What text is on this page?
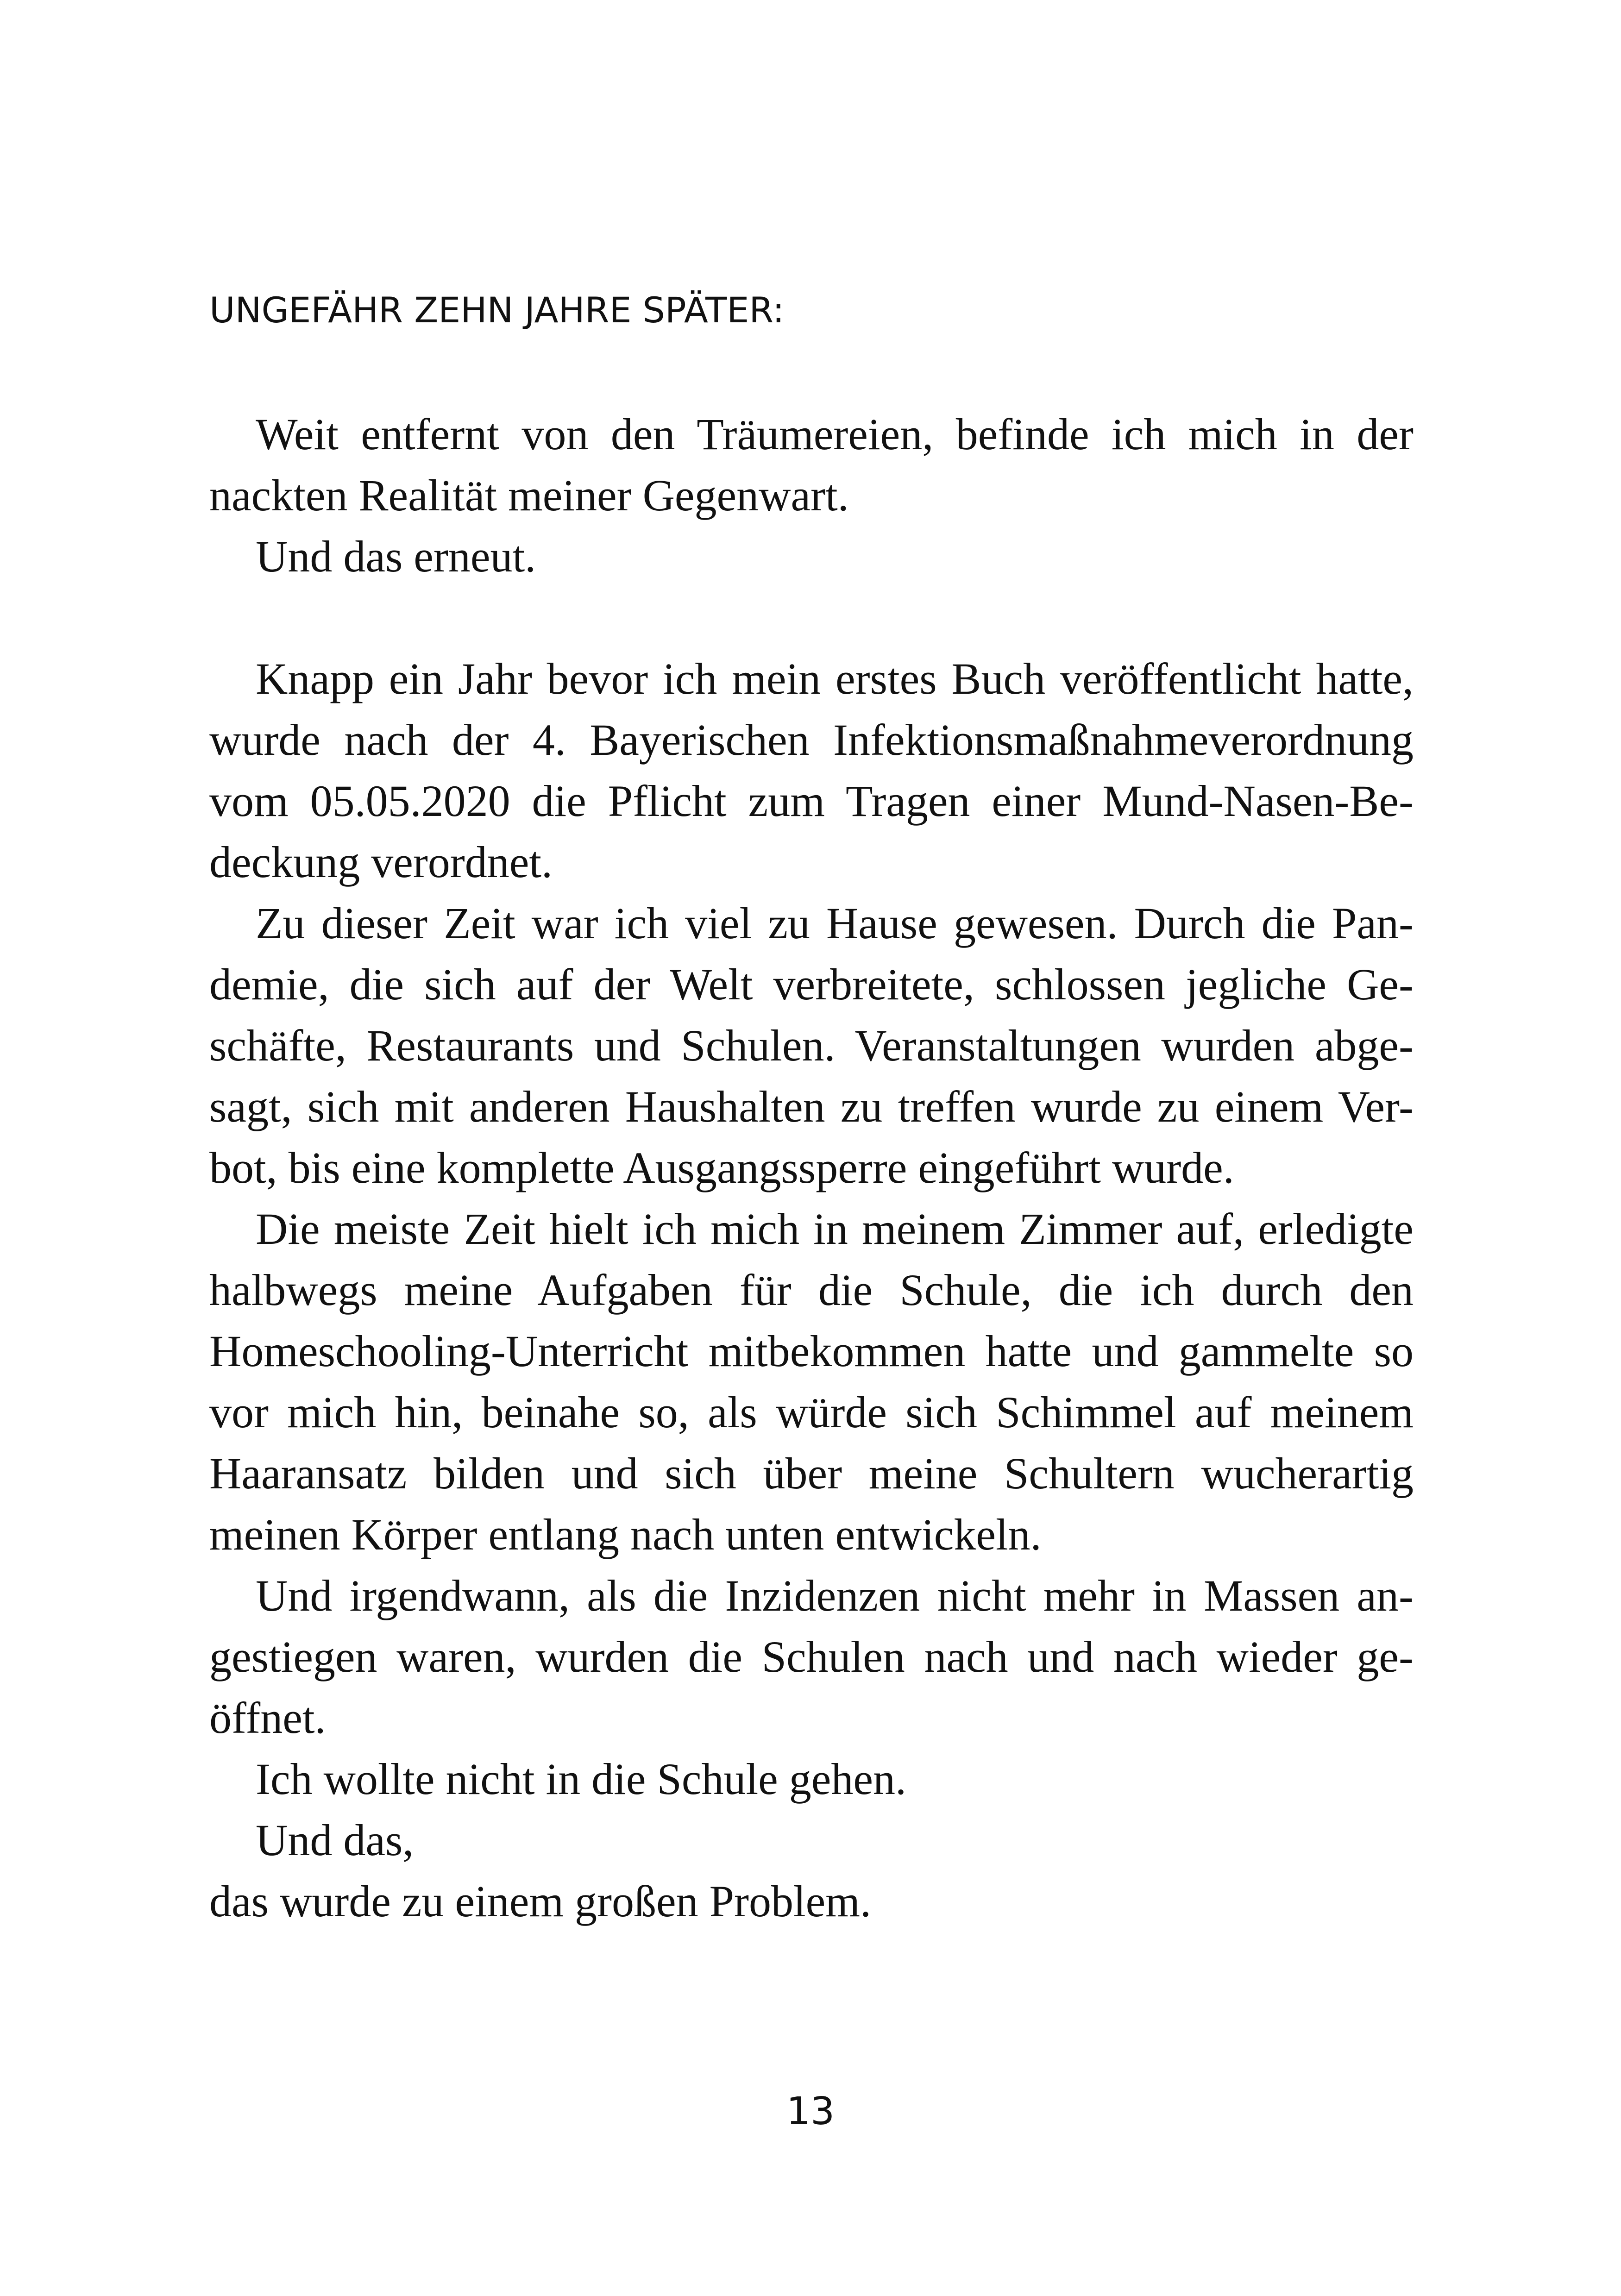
UNGEFÄHR ZEHN JAHRE SPÄTER:
Weit entfernt von den Träumereien, befinde ich mich in der
nackten Realität meiner Gegenwart.
Und das erneut.
Knapp ein Jahr bevor ich mein erstes Buch veröffentlicht hatte,
wurde nach der 4. Bayerischen Infektionsmaßnahmeverordnung
vom 05.05.2020 die Pflicht zum Tragen einer Mund-Nasen-Be-
deckung verordnet.
Zu dieser Zeit war ich viel zu Hause gewesen. Durch die Pan-
demie, die sich auf der Welt verbreitete, schlossen jegliche Ge-
schäfte, Restaurants und Schulen. Veranstaltungen wurden abge-
sagt, sich mit anderen Haushalten zu treffen wurde zu einem Ver-
bot, bis eine komplette Ausgangssperre eingeführt wurde.
Die meiste Zeit hielt ich mich in meinem Zimmer auf, erledigte
halbwegs meine Aufgaben für die Schule, die ich durch den
Homeschooling-Unterricht mitbekommen hatte und gammelte so
vor mich hin, beinahe so, als würde sich Schimmel auf meinem
Haaransatz bilden und sich über meine Schultern wucherartig
meinen Körper entlang nach unten entwickeln.
Und irgendwann, als die Inzidenzen nicht mehr in Massen an-
gestiegen waren, wurden die Schulen nach und nach wieder ge-
öffnet.
Ich wollte nicht in die Schule gehen.
Und das,
das wurde zu einem großen Problem.
13
